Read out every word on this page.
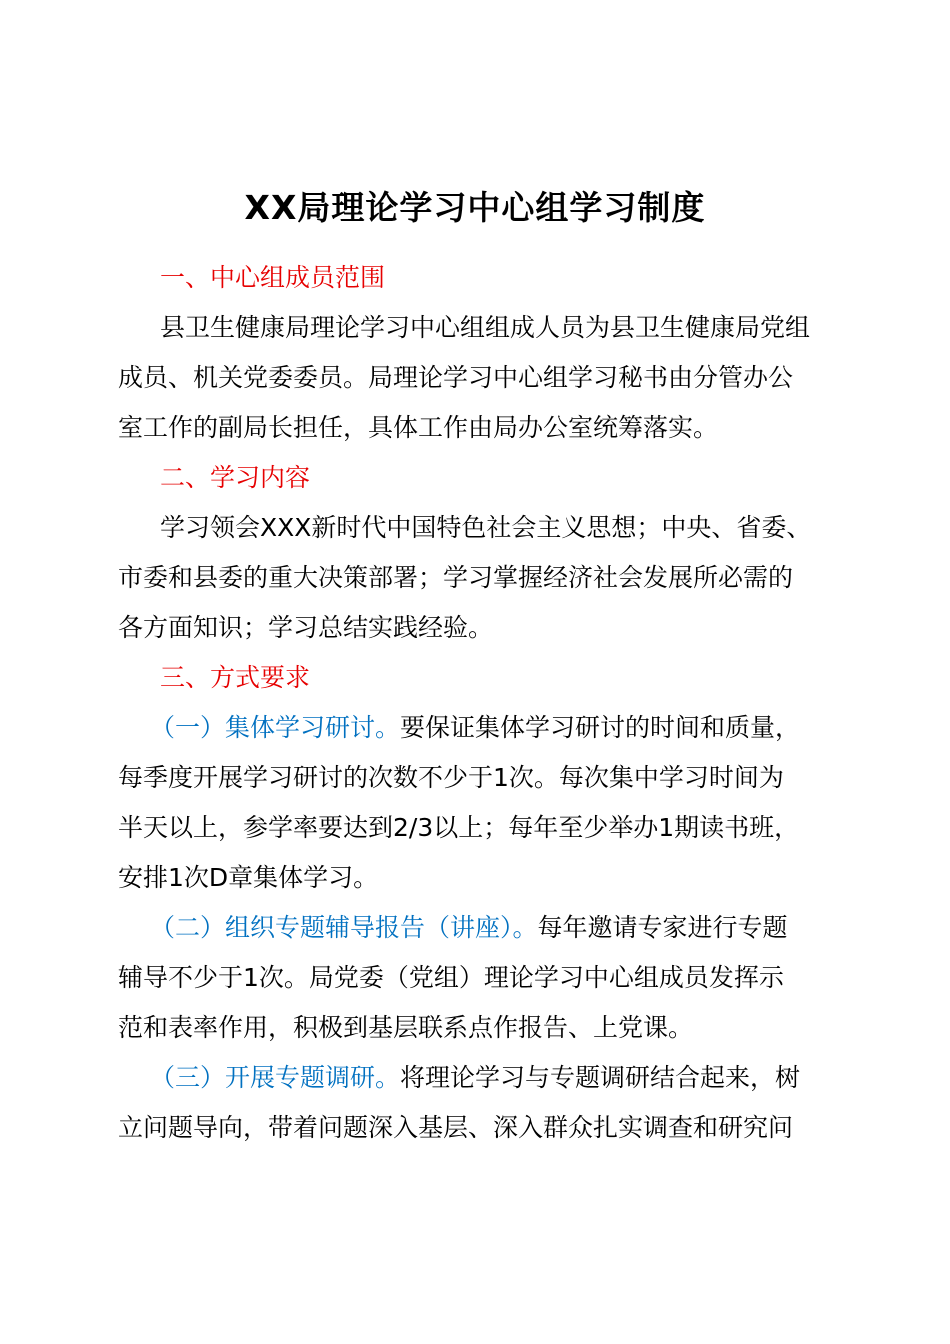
XX局理论学习中心组学习制度
一、中心组成员范围
县卫生健康局理论学习中心组组成人员为县卫生健康局党组
成员、机关党委委员。局理论学习中心组学习秘书由分管办公
室工作的副局长担任，具体工作由局办公室统筹落实。
二、学习内容
学习领会XXX新时代中国特色社会主义思想；中央、省委、
市委和县委的重大决策部署；学习掌握经济社会发展所必需的
各方面知识；学习总结实践经验。
三、方式要求
（一）集体学习研讨。要保证集体学习研讨的时间和质量，
每季度开展学习研讨的次数不少于1次。每次集中学习时间为
半天以上，参学率要达到2/3以上；每年至少举办1期读书班，
安排1次D章集体学习。
（二）组织专题辅导报告（讲座）。每年邀请专家进行专题
辅导不少于1次。局党委（党组）理论学习中心组成员发挥示
范和表率作用，积极到基层联系点作报告、上党课。
（三）开展专题调研。将理论学习与专题调研结合起来，树
立问题导向，带着问题深入基层、深入群众扎实调查和研究问
